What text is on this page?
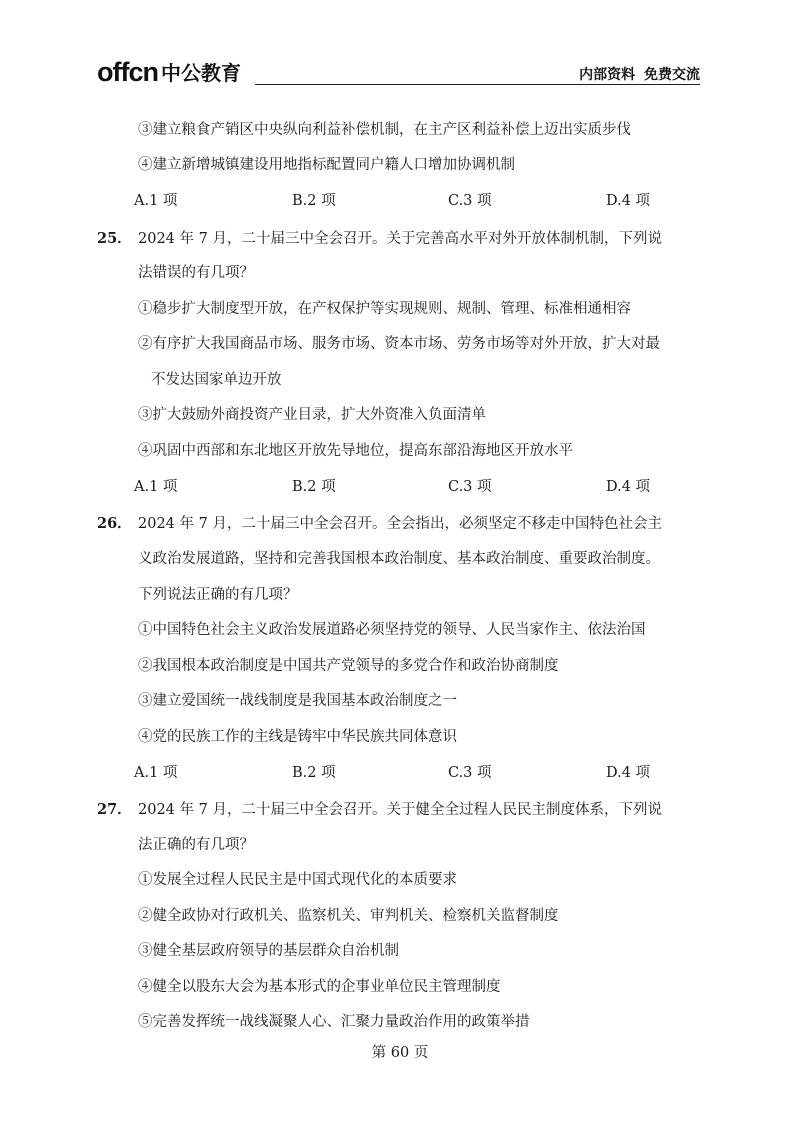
offcn 中公教育	内部资料 免费交流
③建立粮食产销区中央纵向利益补偿机制，在主产区利益补偿上迈出实质步伐
④建立新增城镇建设用地指标配置同户籍人口增加协调机制
A.1 项	B.2 项	C.3 项	D.4 项
25． 2024 年 7 月，二十届三中全会召开。关于完善高水平对外开放体制机制，下列说
法错误的有几项？
①稳步扩大制度型开放，在产权保护等实现规则、规制、管理、标准相通相容
②有序扩大我国商品市场、服务市场、资本市场、劳务市场等对外开放，扩大对最
不发达国家单边开放
③扩大鼓励外商投资产业目录，扩大外资准入负面清单
④巩固中西部和东北地区开放先导地位，提高东部沿海地区开放水平
A.1 项	B.2 项	C.3 项	D.4 项
26． 2024 年 7 月，二十届三中全会召开。全会指出，必须坚定不移走中国特色社会主
义政治发展道路，坚持和完善我国根本政治制度、基本政治制度、重要政治制度。
下列说法正确的有几项？
①中国特色社会主义政治发展道路必须坚持党的领导、人民当家作主、依法治国
②我国根本政治制度是中国共产党领导的多党合作和政治协商制度
③建立爱国统一战线制度是我国基本政治制度之一
④党的民族工作的主线是铸牢中华民族共同体意识
A.1 项	B.2 项	C.3 项	D.4 项
27． 2024 年 7 月，二十届三中全会召开。关于健全全过程人民民主制度体系，下列说
法正确的有几项？
①发展全过程人民民主是中国式现代化的本质要求
②健全政协对行政机关、监察机关、审判机关、检察机关监督制度
③健全基层政府领导的基层群众自治机制
④健全以股东大会为基本形式的企事业单位民主管理制度
⑤完善发挥统一战线凝聚人心、汇聚力量政治作用的政策举措
第 60 页
